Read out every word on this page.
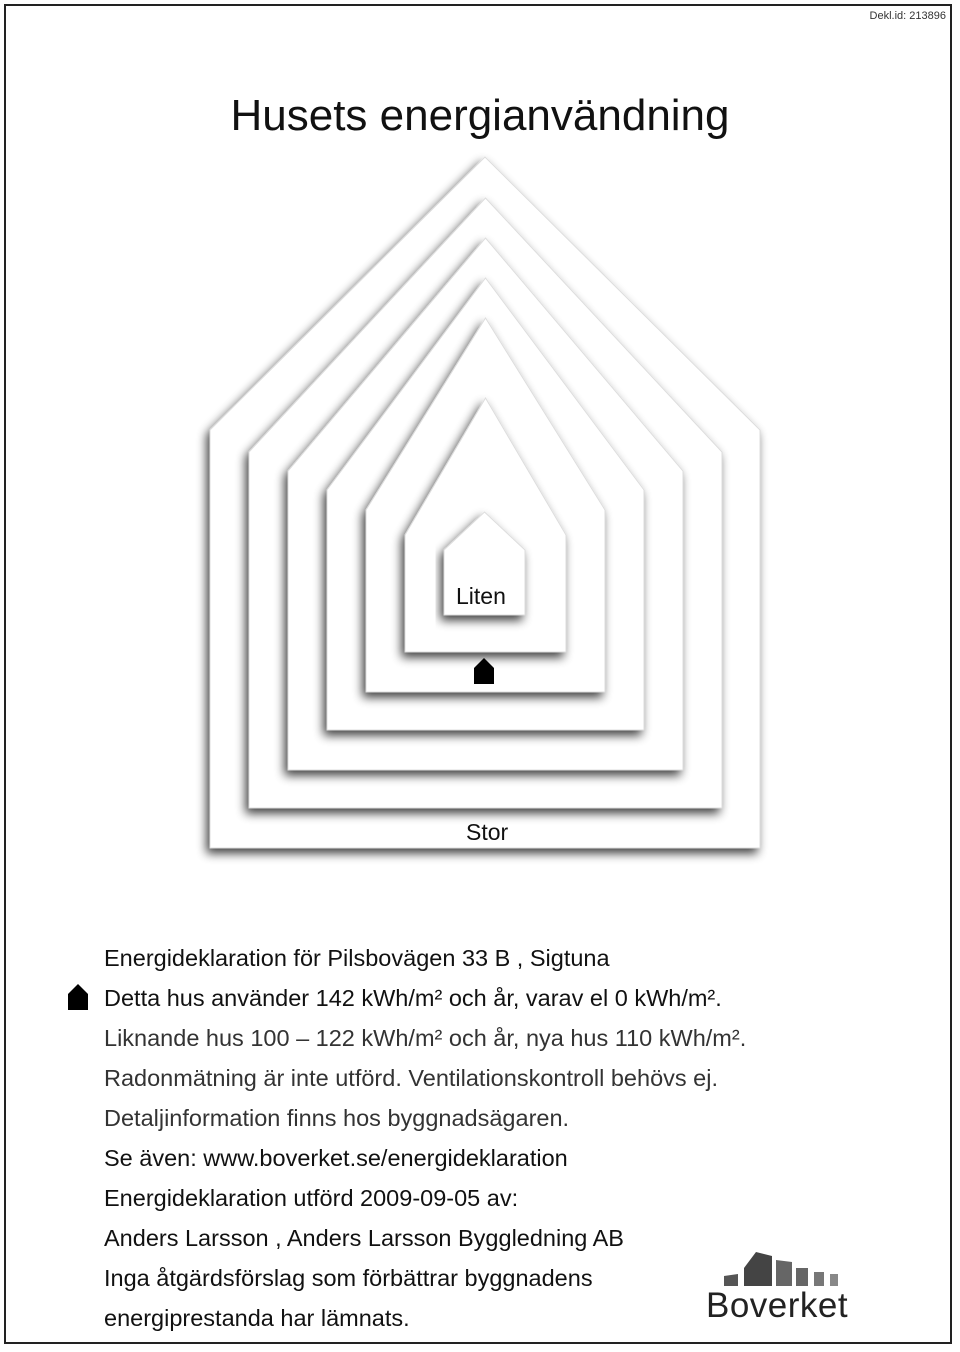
Dekl.id: 213896
Husets energianvändning
Liten
Stor
Energideklaration för Pilsbovägen 33 B , Sigtuna
Detta hus använder 142 kWh/m² och år, varav el 0 kWh/m².
Liknande hus 100 – 122 kWh/m² och år, nya hus 110 kWh/m².
Radonmätning är inte utförd. Ventilationskontroll behövs ej.
Detaljinformation finns hos byggnadsägaren.
Se även: www.boverket.se/energideklaration
Energideklaration utförd 2009-09-05 av:
Anders Larsson , Anders Larsson Byggledning AB
Inga åtgärdsförslag som förbättrar byggnadens
energiprestanda har lämnats.	Boverket
